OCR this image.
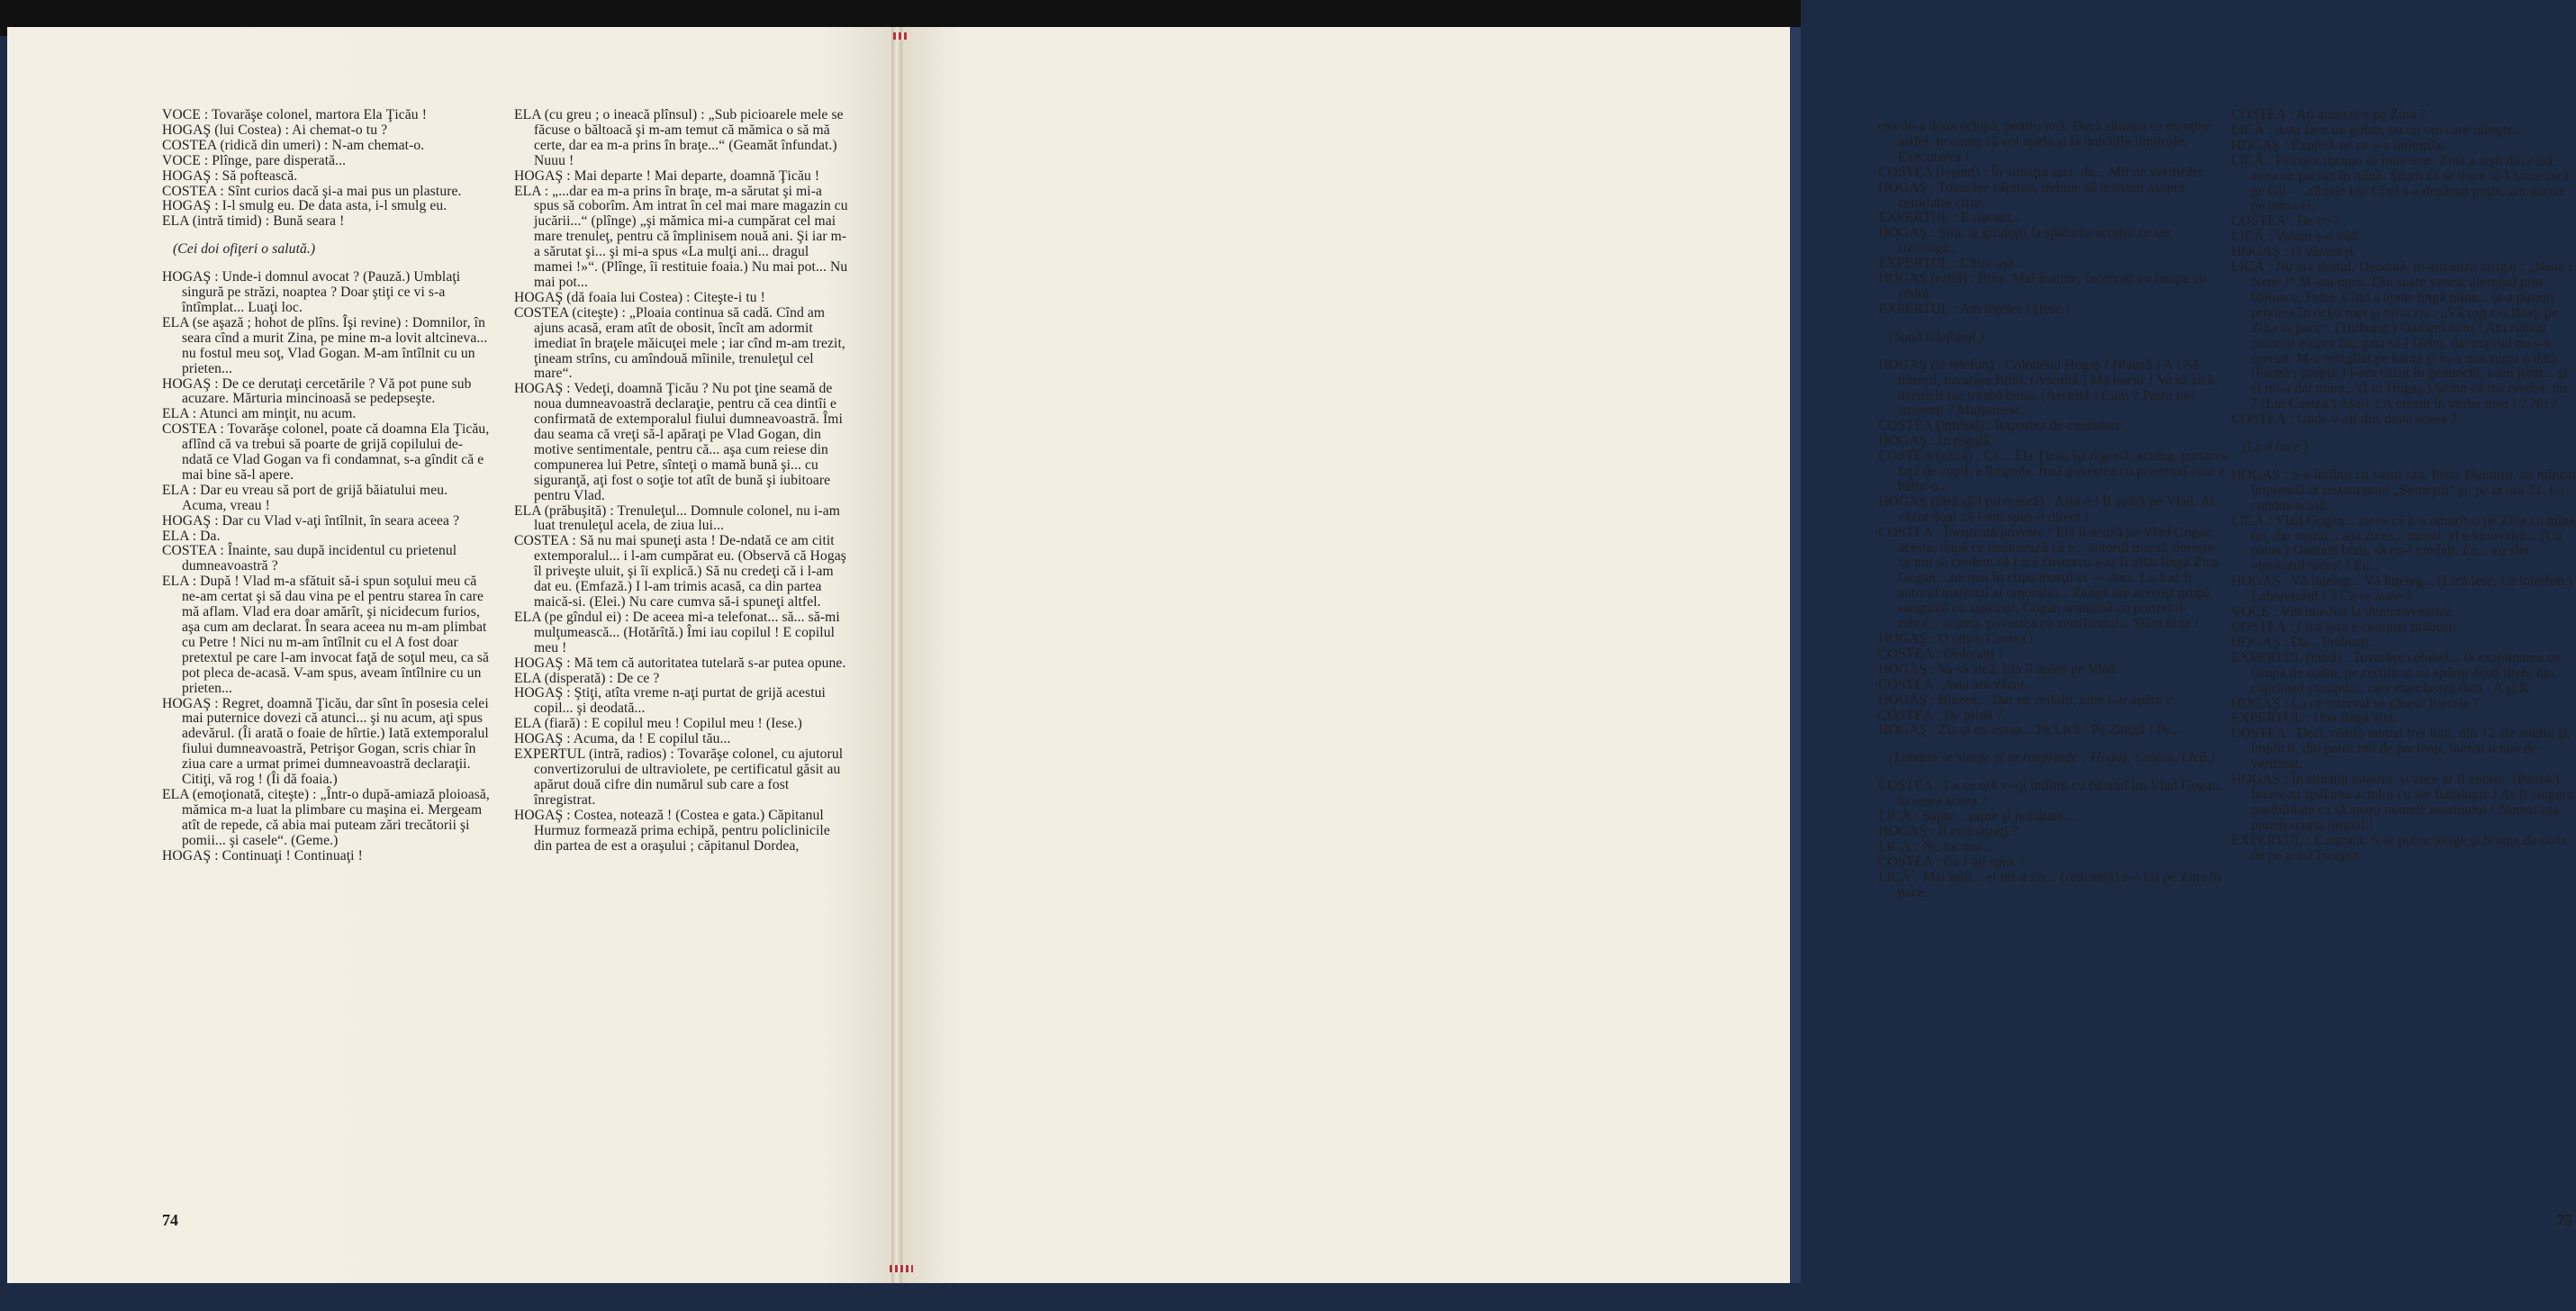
VOCE : Tovarăşe colonel, martora Ela Ţicău !

HOGAŞ (lui Costea) : Ai chemat-o tu ?

COSTEA (ridică din umeri) : N-am chemat-o.

VOCE : Plînge, pare disperată...

HOGAŞ : Să poftească.

COSTEA : Sînt curios dacă şi-a mai pus un plasture.

HOGAŞ : I-l smulg eu. De data asta, i-l smulg eu.

ELA (intră timid) : Bună seara !

(Cei doi ofiţeri o salută.)

HOGAŞ : Unde-i domnul avocat ? (Pauză.) Umblaţi singură pe străzi, noaptea ? Doar ştiţi ce vi s-a întîmplat... Luaţi loc.

ELA (se aşază ; hohot de plîns. Îşi revine) : Domnilor, în seara cînd a murit Zina, pe mine m-a lovit altcineva... nu fostul meu soţ, Vlad Gogan. M-am întîlnit cu un prieten...

HOGAŞ : De ce derutaţi cercetările ? Vă pot pune sub acuzare. Mărturia mincinoasă se pedepseşte.

ELA : Atunci am minţit, nu acum.

COSTEA : Tovarăşe colonel, poate că doamna Ela Ţicău, aflînd că va trebui să poarte de grijă copilului de-ndată ce Vlad Gogan va fi condamnat, s-a gîndit că e mai bine să-l apere.

ELA : Dar eu vreau să port de grijă băiatului meu. Acuma, vreau !

HOGAŞ : Dar cu Vlad v-aţi întîlnit, în seara aceea ?

ELA : Da.

COSTEA : Înainte, sau după incidentul cu prietenul dumneavoastră ?

ELA : După ! Vlad m-a sfătuit să-i spun soţului meu că ne-am certat şi să dau vina pe el pentru starea în care mă aflam. Vlad era doar amărît, şi nicidecum furios, aşa cum am declarat. În seara aceea nu m-am plimbat cu Petre ! Nici nu m-am întîlnit cu el A fost doar pretextul pe care l-am invocat faţă de soţul meu, ca să pot pleca de-acasă. V-am spus, aveam întîlnire cu un prieten...

HOGAŞ : Regret, doamnă Ţicău, dar sînt în posesia celei mai puternice dovezi că atunci... şi nu acum, aţi spus adevărul. (Îi arată o foaie de hîrtie.) Iată extemporalul fiului dumneavoastră, Petrişor Gogan, scris chiar în ziua care a urmat primei dumneavoastră declaraţii. Citiţi, vă rog ! (Îi dă foaia.)

ELA (emoţionată, citeşte) : „Într-o după-amiază ploioasă, mămica m-a luat la plimbare cu maşina ei. Mergeam atît de repede, că abia mai puteam zări trecătorii şi pomii... şi casele“. (Geme.)

HOGAŞ : Continuaţi ! Continuaţi !

ELA (cu greu ; o ineacă plînsul) : „Sub picioarele mele se făcuse o băltoacă şi m-am temut că mămica o să mă certe, dar ea m-a prins în braţe...“ (Geamăt înfundat.) Nuuu !

HOGAŞ : Mai departe ! Mai departe, doamnă Ţicău !

ELA : „...dar ea m-a prins în braţe, m-a sărutat şi mi-a spus să coborîm. Am intrat în cel mai mare magazin cu jucării...“ (plînge) „şi mămica mi-a cumpărat cel mai mare trenuleţ, pentru că împlinisem nouă ani. Şi iar m-a sărutat şi... şi mi-a spus «La mulţi ani... dragul mamei !»“. (Plînge, îi restituie foaia.) Nu mai pot... Nu mai pot...

HOGAŞ (dă foaia lui Costea) : Citeşte-i tu !

COSTEA (citeşte) : „Ploaia continua să cadă. Cînd am ajuns acasă, eram atît de obosit, încît am adormit imediat în braţele măicuţei mele ; iar cînd m-am trezit, ţineam strîns, cu amîndouă mîinile, trenuleţul cel mare“.

HOGAŞ : Vedeţi, doamnă Ţicău ? Nu pot ţine seamă de noua dumneavoastră declaraţie, pentru că cea dintîi e confirmată de extemporalul fiului dumneavoastră. Îmi dau seama că vreţi să-l apăraţi pe Vlad Gogan, din motive sentimentale, pentru că... aşa cum reiese din compunerea lui Petre, sînteţi o mamă bună şi... cu siguranţă, aţi fost o soţie tot atît de bună şi iubitoare pentru Vlad.

ELA (prăbuşită) : Trenuleţul... Domnule colonel, nu i-am luat trenuleţul acela, de ziua lui...

COSTEA : Să nu mai spuneţi asta ! De-ndată ce am citit extemporalul... i l-am cumpărat eu. (Observă că Hogaş îl priveşte uluit, şi îi explică.) Să nu credeţi că i l-am dat eu. (Emfază.) I l-am trimis acasă, ca din partea maică-si. (Elei.) Nu care cumva să-i spuneţi altfel.

ELA (pe gîndul ei) : De aceea mi-a telefonat... să... să-mi mulţumească... (Hotărîtă.) Îmi iau copilul ! E copilul meu !

HOGAŞ : Mă tem că autoritatea tutelară s-ar putea opune.

ELA (disperată) : De ce ?

HOGAŞ : Ştiţi, atîta vreme n-aţi purtat de grijă acestui copil... şi deodată...

ELA (fiară) : E copilul meu ! Copilul meu ! (Iese.)

HOGAŞ : Acuma, da ! E copilul tău...

EXPERTUL (intră, radios) : Tovarăşe colonel, cu ajutorul convertizorului de ultraviolete, pe certificatul găsit au apărut două cifre din numărul sub care a fost înregistrat.

HOGAŞ : Costea, notează ! (Costea e gata.) Căpitanul Hurmuz formează prima echipă, pentru policlinicile din partea de est a oraşului ; căpitanul Dordea,

74

cea de-a doua echipă, pentru rest. Dacă situaţia se menţine astfel, te anunţ că voi apela şi la unităţile limitrofe. Executarea !

COSTEA (ieşind) : În situaţia asta, da... Mii de verificări.

HOGAŞ : Tovarăşe căpitan, trebuie să insistaţi asupra celorlalte cifre.

EXPERTUL : E riscant...

HOGAŞ : Ştiu, te gîndeşti la spălarea actului cu ser fiziologic.

EXPERTUL : Chiar aşa...

HOGAŞ (ezită) : Bine. Mai înainte, încercaţi cu lampa cu sodiu.

EXPERTUL : Am înţeles ! (Iese.)

(Sună telefonul.)

HOGAŞ (la telefon) : Colonelul Hogaş ! (Pauză.) A ! Să trăieşti, tovarăşe Bold. (Ascultă.) Mă bucur ! Va să zică, ucenicii fac treabă bună. (Ascultă.) Cum ? Patru noi suspecţi ? Mulţumesc.

COSTEA (intrînd) : Raportez de executare.

HOGAŞ : În regulă.

COSTEA (ezită) : Că... Ela Ţicău îşi regretă, acuma, purtarea faţă de copil, e limpede. Însă povestea cu prietenul care a bătut-o...

HOGAŞ (fără să-l privească) : Asta e ! Îl apără pe Vlad. Ai văzut doar că i-am spus-o direct !

COSTEA : Încurcată poveste ! Ela îl acuză pe Vlad Gogan, acesta, după ce insinuează că e... autorul moral, doreşte ca noi să credem că Lică Grozavu s-ar fi aflat lîngă Zina Gogan... tocmai în clipa morţii ei — deci, Lică ar fi autorul material al omorului... Zangă are aceeaşi grupă sanguină cu asasinul, Gogan seamănă cu portretul-robot... acuma, povestea cu certificatul... Stăm bine !

HOGAŞ : O clipă, Costea !

COSTEA : Ordonaţi !

HOGAŞ : Va să zică, Ela îl apără pe Vlad.

COSTEA : Asta am văzut.

HOGAŞ : Bineee... Dar pe ceilalţi, cine i-ar apăra ?

COSTEA : De pildă ?

HOGAŞ : Zic şi eu aşaaa... Pe Lică ! Pe Zangă ! Pe...

(Lumina se stinge şi se reaprinde ; Hogaş, Costea, Lică.)

COSTEA : La ce oră v-aţi întîlnit cu băiatul lui Vlad Gogan, în seara aceea ?

LICĂ : Şapte... şapte şi jumătate...

HOGAŞ : Îl cunoaşteţi ?

LICĂ : Nu tocmai...

COSTEA : Ce i-aţi spus ?

LICĂ : Mai întîi... el mi-a zis... (reticenţă) s-o las pe Zina în pace.

COSTEA : Aţi acostat-o pe Zina ?

LICĂ : Asta face un golan, nu un om care iubeşte...

HOGAŞ : Explică-ne ce s-a întîmplat.

LICĂ : Petrişor tocmai se întorsese. Zina a ieşit din casă, avea un pachet în mînă. Ştiam că se duce să-l hrănească pe Gil — cîinele lor. Cînd s-a depărtat puţin, am pornit pe urma ei.

COSTEA : De ce ?

LICĂ : Voiam s-o văd.

HOGAŞ : O văzuseşi.

LICĂ : Nu era destul. Deodată, m-am auzit strigat : „Nene ! Nene !“ M-am oprit. Din spate venea, alergînd prin băltoace, Petre. Cînd a ajuns lîngă mine... şi-a pironit privirea în ochii mei şi mi-a zis : „Vă rog s-o lăsaţi pe Zina în pace“. (Tulburat.) Oameni buni ! Am ridicat pumnul asupra lui, gata să-l fărîm, dar copilul nu s-a speriat. M-a mîngîiat pe haină şi m-a mai rugat o dată. (Pauză ; şoaptă.) I-am căzut în genunchi, i-am jurat... şi el mi-a dat mîna... (Lui Hogaş.) Semn că mă credea, nu ? (Lui Costea.) Aşa-i ? A crezut în vorba mea ! ? Nu ?

COSTEA : Unde v-aţi dus după aceea ?

(Lică tace.)

HOGAŞ : S-a întîlnit cu vărul său, Petre Dumitru, au mîncat împreună la restaurantul „Someşul“ şi, pe la ora 21, l-a condus acasă.

LICĂ : Vlad Gogan... zicea că n-a omorît-o pe Zina cu mîna lui, dar moral... aşa zicea... moral, el e vinovatul... (Cu patos.) Oameni buni, să nu-l credeţi. Eu... eu sînt vinovatul moral ! Eu...

HOGAŞ : Vă înţeleg... Vă înţeleg... (Lică iese. La interfon.) Laboratorul ! ? Ce se aude ?

VOCE : Vin imediat la dumneavoastră.

COSTEA : Lică ăsta e complet prăbuşit.

HOGAŞ : Da... Prăbuşit.

EXPERTUL (intră) : Tovarăşe colonel... la examinarea cu lampa de sodiu, pe certificat au apărut două litere din cuprinsul ştampilei, care marchează data : A şi R.

HOGAŞ : La ce interval se găsesc literele ?

EXPERTUL : Una lîngă alta.

COSTEA : Deci, rămîn numai trei luni, din 12 ale anului şi, implicit, din patru mii de pacienţi, numai o mie de verificat.

HOGAŞ : În situaţia noastră, şi zece ar fi enorm. (Pauză.) Încercaţi spălarea actului cu ser fiziologic ! Ar fi singura posibilitate ca să apară numele asasinului ! Numai aşa putem scurta timpul !

EXPERTUL : E riscant. S-ar putea şterge şi bruma de scris de pe acest început

75
